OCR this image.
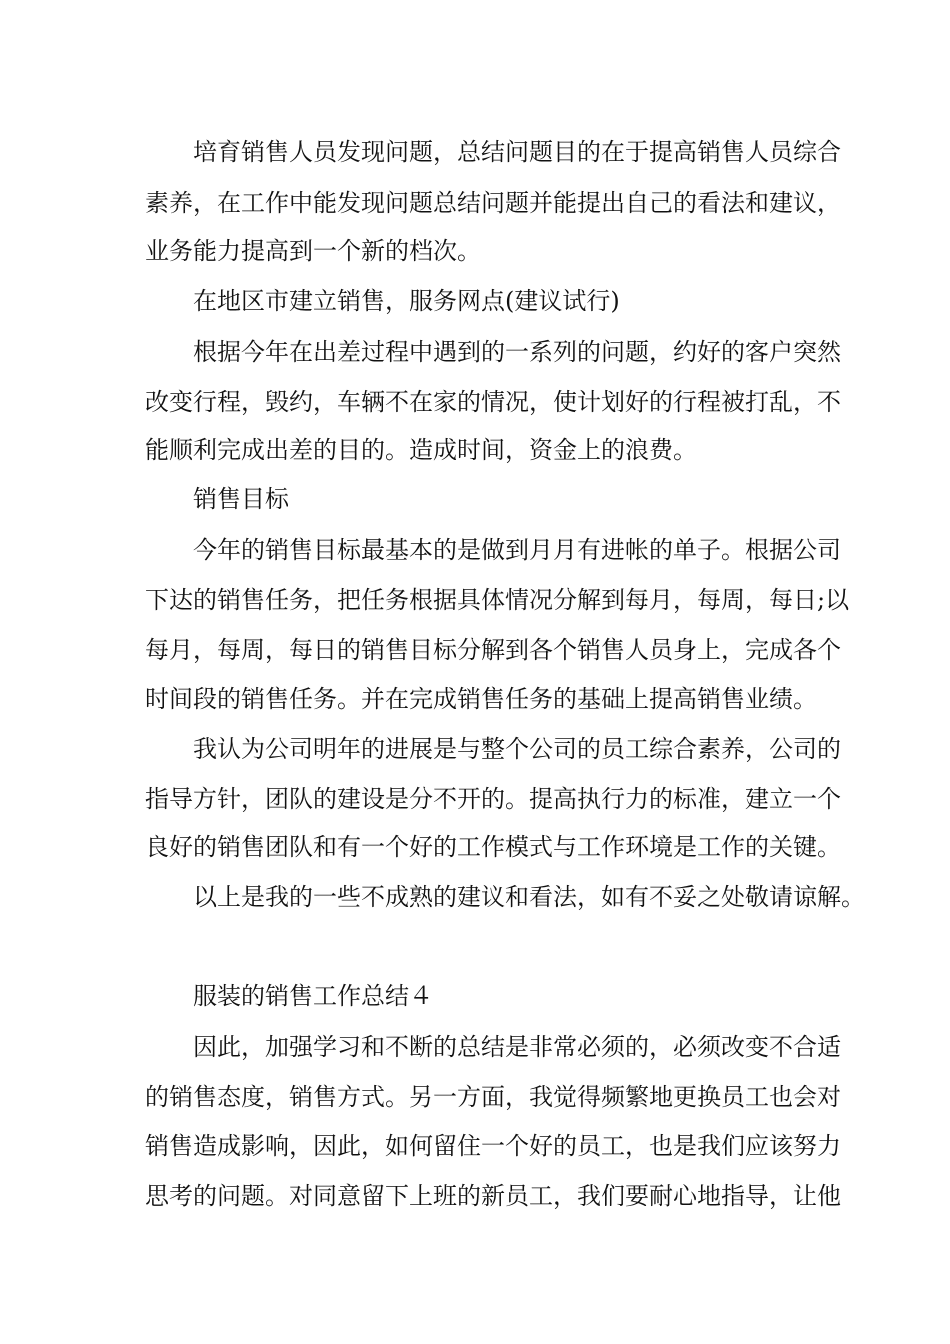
　　培育销售人员发现问题，总结问题目的在于提高销售人员综合

素养，在工作中能发现问题总结问题并能提出自己的看法和建议，

业务能力提高到一个新的档次。

　　在地区市建立销售，服务网点(建议试行)

　　根据今年在出差过程中遇到的一系列的问题，约好的客户突然

改变行程，毁约，车辆不在家的情况，使计划好的行程被打乱，不

能顺利完成出差的目的。造成时间，资金上的浪费。

　　销售目标

　　今年的销售目标最基本的是做到月月有进帐的单子。根据公司

下达的销售任务，把任务根据具体情况分解到每月，每周，每日;以

每月，每周，每日的销售目标分解到各个销售人员身上，完成各个

时间段的销售任务。并在完成销售任务的基础上提高销售业绩。

　　我认为公司明年的进展是与整个公司的员工综合素养，公司的

指导方针，团队的建设是分不开的。提高执行力的标准，建立一个

良好的销售团队和有一个好的工作模式与工作环境是工作的关键。

　　以上是我的一些不成熟的建议和看法，如有不妥之处敬请谅解。

　　服装的销售工作总结４

　　因此，加强学习和不断的总结是非常必须的，必须改变不合适

的销售态度，销售方式。另一方面，我觉得频繁地更换员工也会对

销售造成影响，因此，如何留住一个好的员工，也是我们应该努力

思考的问题。对同意留下上班的新员工，我们要耐心地指导，让他
